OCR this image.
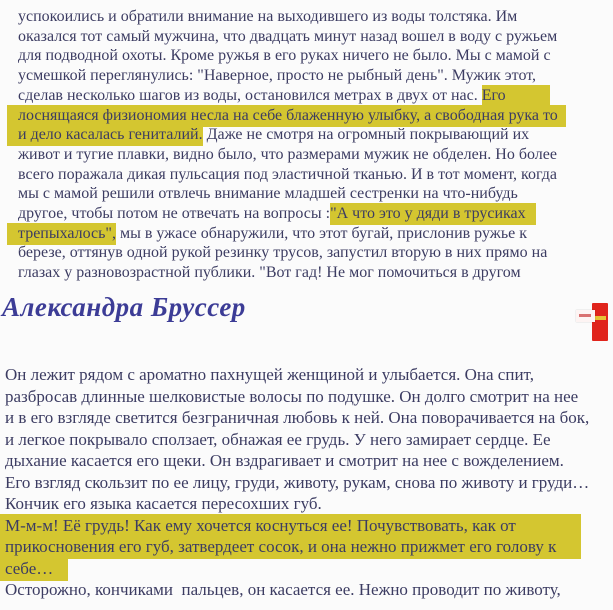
успокоились и обратили внимание на выходившего из воды толстяка. Им
оказался тот самый мужчина, что двадцать минут назад вошел в воду с ружьем
для подводной охоты. Кроме ружья в его руках ничего не было. Мы с мамой с
усмешкой переглянулись: "Наверное, просто не рыбный день". Мужик этот,
сделав несколько шагов из воды, остановился метрах в двух от нас. Его
лоснящаяся физиономия несла на себе блаженную улыбку, а свободная рука то
и дело касалась гениталий. Даже не смотря на огромный покрывающий их
живот и тугие плавки, видно было, что размерами мужик не обделен. Но более
всего поражала дикая пульсация под эластичной тканью. И в тот момент, когда
мы с мамой решили отвлечь внимание младшей сестренки на что-нибудь
другое, чтобы потом не отвечать на вопросы :"А что это у дяди в трусиках
трепыхалось", мы в ужасе обнаружили, что этот бугай, прислонив ружье к
березе, оттянув одной рукой резинку трусов, запустил вторую в них прямо на
глазах у разновозрастной публики. "Вот гад! Не мог помочиться в другом
Александра Бруссер
Он лежит рядом с ароматно пахнущей женщиной и улыбается. Она спит,
разбросав длинные шелковистые волосы по подушке. Он долго смотрит на нее
и в его взгляде светится безграничная любовь к ней. Она поворачивается на бок,
и легкое покрывало сползает, обнажая ее грудь. У него замирает сердце. Ее
дыхание касается его щеки. Он вздрагивает и смотрит на нее с вожделением.
Его взгляд скользит по ее лицу, груди, животу, рукам, снова по животу и груди…
Кончик его языка касается пересохших губ.
М-м-м! Её грудь! Как ему хочется коснуться ее! Почувствовать, как от
прикосновения его губ, затвердеет сосок, и она нежно прижмет его голову к
себе…
Осторожно, кончиками  пальцев, он касается ее. Нежно проводит по животу,
